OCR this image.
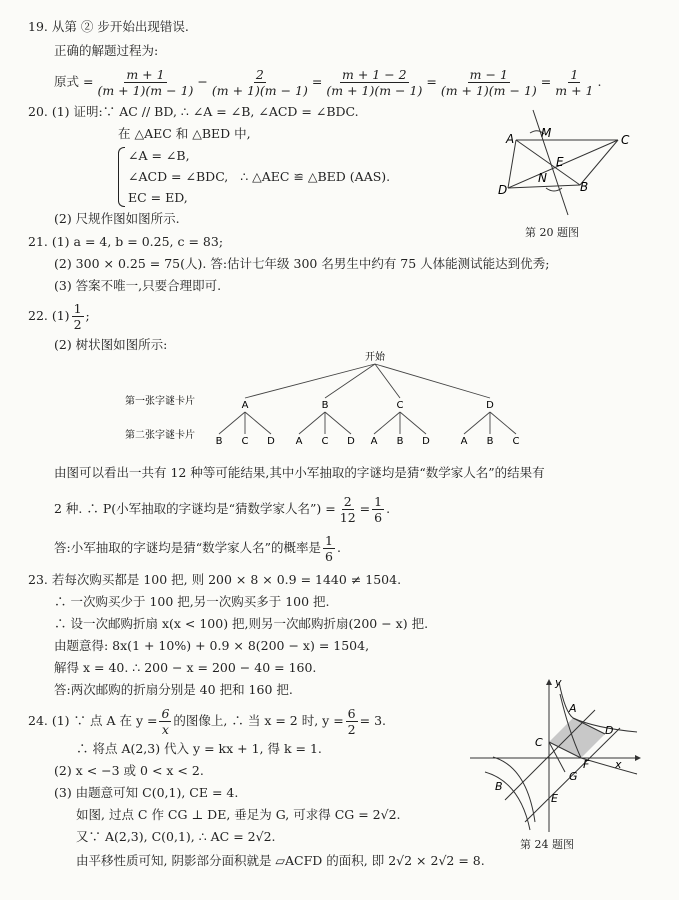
19. 从第 ② 步开始出现错误.
正确的解题过程为:
原式 = $\frac{m + 1}{(m + 1)(m - 1)} - \frac{2}{(m + 1)(m - 1)} = \frac{m + 1 - 2}{(m + 1)(m - 1)} = \frac{m - 1}{(m + 1)(m - 1)} = \frac{1}{m + 1}$ .
20. (1) 证明:∵ AC // BD, ∴ ∠A = ∠B, ∠ACD = ∠BDC.
在 △AEC 和 △BED 中,
∠A = ∠B,
∠ACD = ∠BDC, ∴ △AEC ≌ △BED (AAS).
EC = ED,
(2) 尺规作图如图所示.
A M	C
E
N
D	B
第 20 题图
21. (1) a = 4, b = 0.25, c = 83;
(2) 300 × 0.25 = 75(人). 答:估计七年级 300 名男生中约有 75 人体能测试能达到优秀;
(3) 答案不唯一,只要合理即可.
22. $(1) \frac{1}{2}$ ;
(2) 树状图如图所示:
开始
第一张字谜卡片
第二张字谜卡片
A
B C D
B
A C D
C
A B D
D
A B C
由图可以看出一共有 12 种等可能结果,其中小军抽取的字谜均是猜“数学家人名”的结果有
2 种. ∴ P(小军抽取的字谜均是“猜数学家人名”) = $\frac{2}{12} = \frac{1}{6}$ .
答:小军抽取的字谜均是猜“数学家人名”的概率是 $\frac{1}{6}$ .
23. 若每次购买都是 100 把, 则 200 × 8 × 0.9 = 1440 ≠ 1504.
∴ 一次购买少于 100 把,另一次购买多于 100 把.
∴ 设一次邮购折扇 x(x < 100) 把,则另一次邮购折扇(200 − x) 把.
由题意得: 8x(1 + 10%) + 0.9 × 8(200 − x) = 1504,
解得 x = 40. ∴ 200 − x = 200 − 40 = 160.
答:两次邮购的折扇分别是 40 把和 160 把.
24. (1) ∵ 点 A 在 $y = \frac{6}{x}$ 的图像上, ∴ 当 x = 2 时, $y = \frac{6}{2} = 3$.
∴ 将点 A(2,3) 代入 y = kx + 1, 得 k = 1.
(2) x < −3 或 0 < x < 2.
(3) 由题意可知 C(0,1), CE = 4.
如图, 过点 C 作 CG ⊥ DE, 垂足为 G, 可求得 CG = 2√2.
又∵ A(2,3), C(0,1), ∴ AC = 2√2.
由平移性质可知, 阴影部分面积就是 ▱ACFD 的面积, 即 2√2 × 2√2 = 8.
y
A
C
D
F x
G
B
E
第 24 题图
